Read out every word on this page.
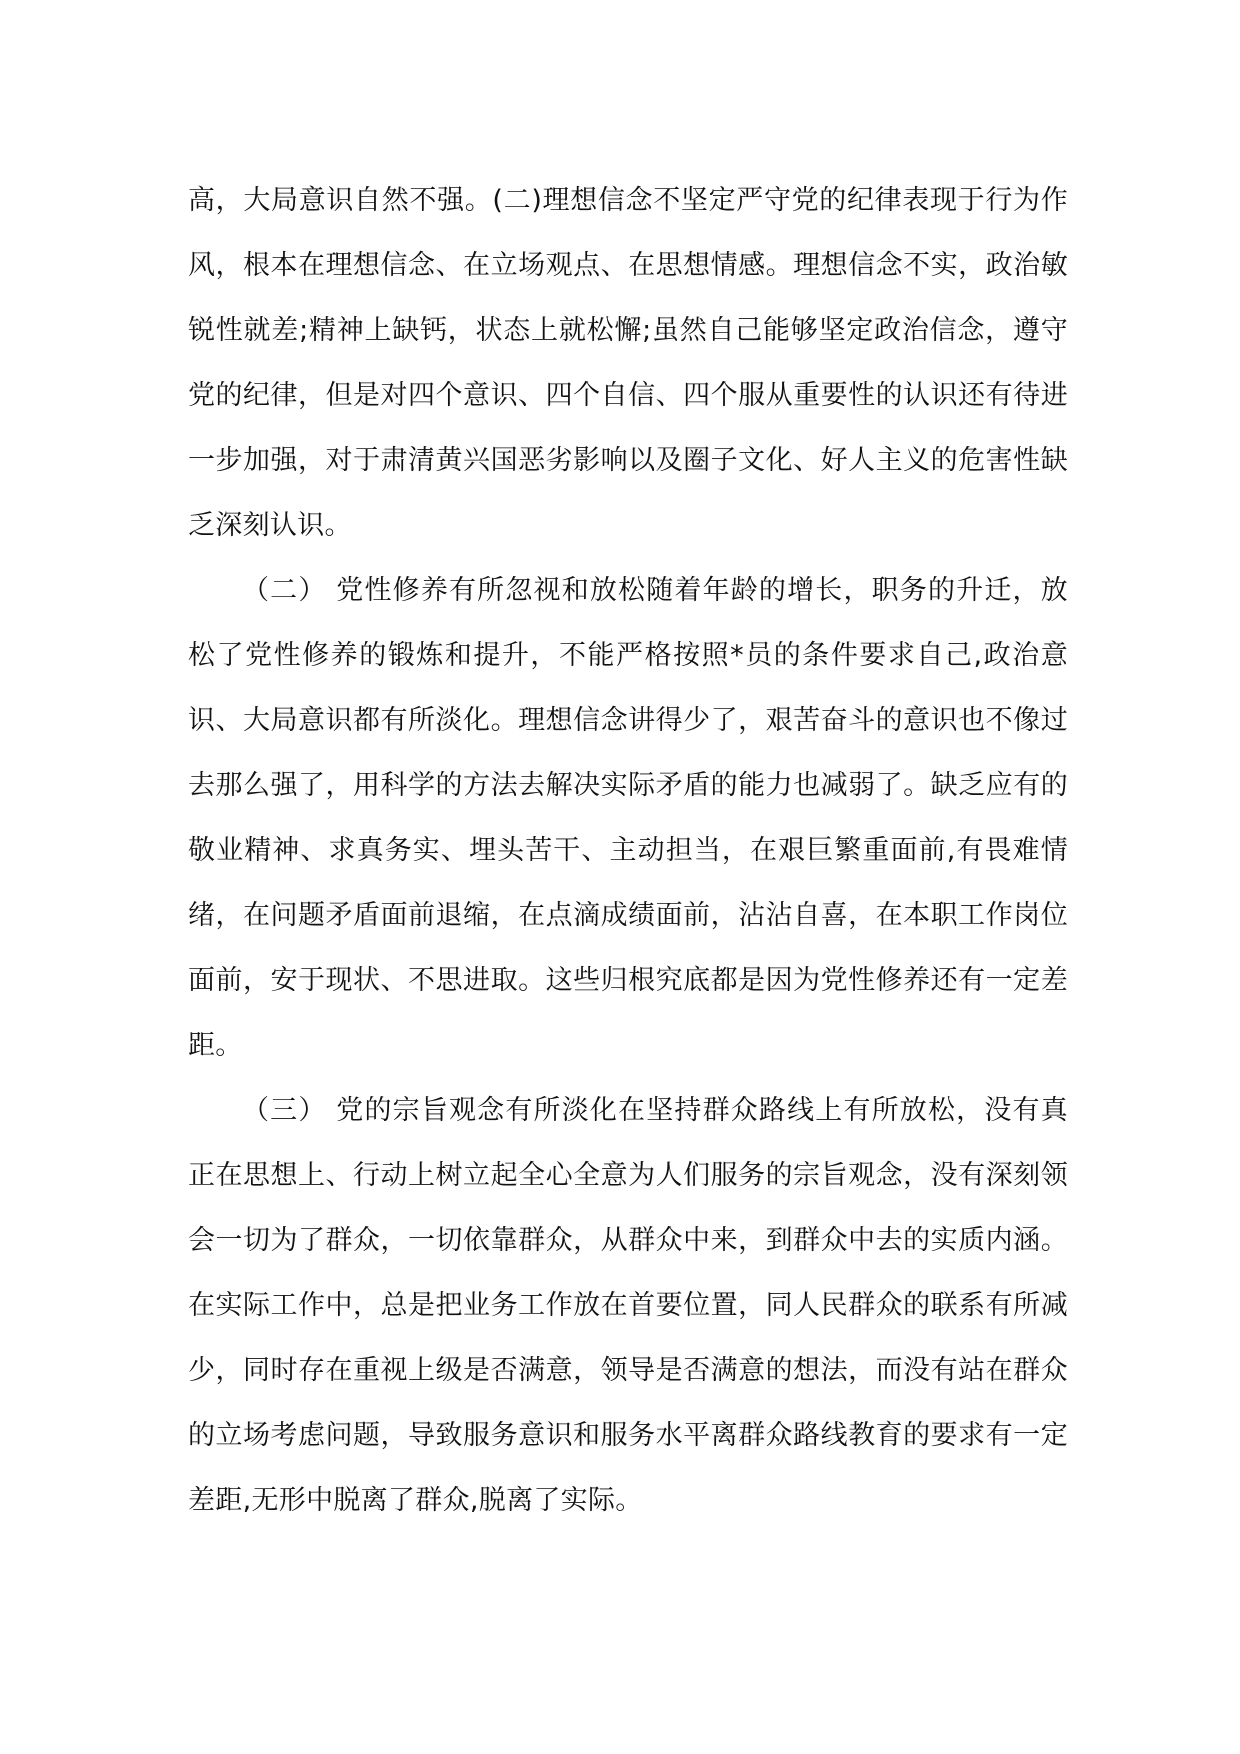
高，大局意识自然不强。(二)理想信念不坚定严守党的纪律表现于行为作风，根本在理想信念、在立场观点、在思想情感。理想信念不实，政治敏锐性就差;精神上缺钙，状态上就松懈;虽然自己能够坚定政治信念，遵守党的纪律，但是对四个意识、四个自信、四个服从重要性的认识还有待进一步加强，对于肃清黄兴国恶劣影响以及圈子文化、好人主义的危害性缺乏深刻认识。

（二） 党性修养有所忽视和放松随着年龄的增长，职务的升迁，放松了党性修养的锻炼和提升，不能严格按照*员的条件要求自己,政治意识、大局意识都有所淡化。理想信念讲得少了，艰苦奋斗的意识也不像过去那么强了，用科学的方法去解决实际矛盾的能力也减弱了。缺乏应有的敬业精神、求真务实、埋头苦干、主动担当，在艰巨繁重面前,有畏难情绪，在问题矛盾面前退缩，在点滴成绩面前，沾沾自喜，在本职工作岗位面前，安于现状、不思进取。这些归根究底都是因为党性修养还有一定差距。

（三） 党的宗旨观念有所淡化在坚持群众路线上有所放松，没有真正在思想上、行动上树立起全心全意为人们服务的宗旨观念，没有深刻领会一切为了群众，一切依靠群众，从群众中来，到群众中去的实质内涵。在实际工作中，总是把业务工作放在首要位置，同人民群众的联系有所减少，同时存在重视上级是否满意，领导是否满意的想法，而没有站在群众的立场考虑问题，导致服务意识和服务水平离群众路线教育的要求有一定差距,无形中脱离了群众,脱离了实际。
